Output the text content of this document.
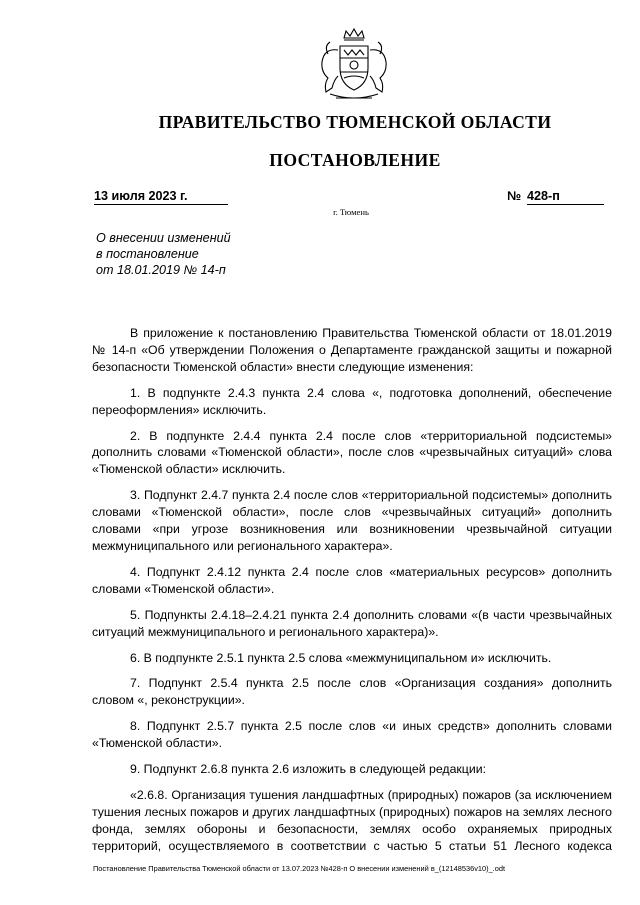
ПРАВИТЕЛЬСТВО ТЮМЕНСКОЙ ОБЛАСТИ
ПОСТАНОВЛЕНИЕ
13 июля 2023 г.	№ 428-п
г. Тюмень
О внесении изменений
в постановление
от 18.01.2019 № 14-п

В приложение к постановлению Правительства Тюменской области от 18.01.2019 № 14-п «Об утверждении Положения о Департаменте гражданской защиты и пожарной безопасности Тюменской области» внести следующие изменения:

1. В подпункте 2.4.3 пункта 2.4 слова «, подготовка дополнений, обеспечение переоформления» исключить.

2. В подпункте 2.4.4 пункта 2.4 после слов «территориальной подсистемы» дополнить словами «Тюменской области», после слов «чрезвычайных ситуаций» слова «Тюменской области» исключить.

3. Подпункт 2.4.7 пункта 2.4 после слов «территориальной подсистемы» дополнить словами «Тюменской области», после слов «чрезвычайных ситуаций» дополнить словами «при угрозе возникновения или возникновении чрезвычайной ситуации межмуниципального или регионального характера».

4. Подпункт 2.4.12 пункта 2.4 после слов «материальных ресурсов» дополнить словами «Тюменской области».

5. Подпункты 2.4.18–2.4.21 пункта 2.4 дополнить словами «(в части чрезвычайных ситуаций межмуниципального и регионального характера)».

6. В подпункте 2.5.1 пункта 2.5 слова «межмуниципальном и» исключить.

7. Подпункт 2.5.4 пункта 2.5 после слов «Организация создания» дополнить словом «, реконструкции».

8. Подпункт 2.5.7 пункта 2.5 после слов «и иных средств» дополнить словами «Тюменской области».

9. Подпункт 2.6.8 пункта 2.6 изложить в следующей редакции:

«2.6.8. Организация тушения ландшафтных (природных) пожаров (за исключением тушения лесных пожаров и других ландшафтных (природных) пожаров на землях лесного фонда, землях обороны и безопасности, землях особо охраняемых природных территорий, осуществляемого в соответствии с частью 5 статьи 51 Лесного кодекса

Постановление Правительства Тюменской области от 13.07.2023 №428-п О внесении изменений в_(12148536v10)_.odt
